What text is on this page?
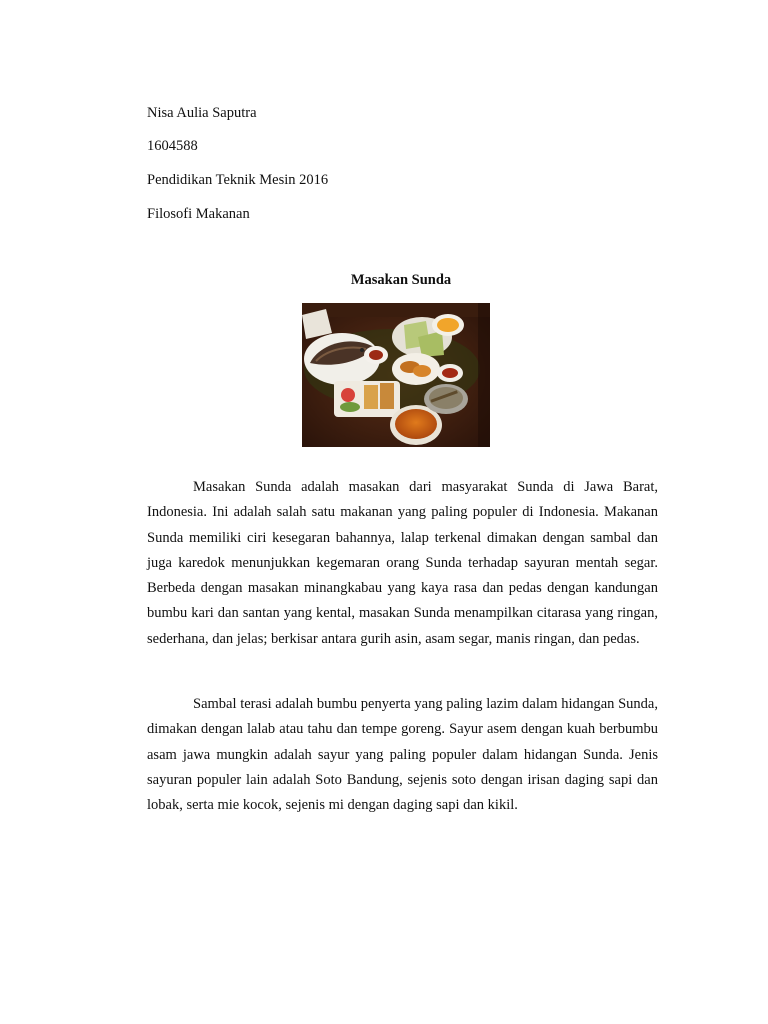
Nisa Aulia Saputra
1604588
Pendidikan Teknik Mesin 2016
Filosofi Makanan
Masakan Sunda

Masakan Sunda adalah masakan dari masyarakat Sunda di Jawa Barat, Indonesia. Ini adalah salah satu makanan yang paling populer di Indonesia. Makanan Sunda memiliki ciri kesegaran bahannya, lalap terkenal dimakan dengan sambal dan juga karedok menunjukkan kegemaran orang Sunda terhadap sayuran mentah segar. Berbeda dengan masakan minangkabau yang kaya rasa dan pedas dengan kandungan bumbu kari dan santan yang kental, masakan Sunda menampilkan citarasa yang ringan, sederhana, dan jelas; berkisar antara gurih asin, asam segar, manis ringan, dan pedas.

Sambal terasi adalah bumbu penyerta yang paling lazim dalam hidangan Sunda, dimakan dengan lalab atau tahu dan tempe goreng. Sayur asem dengan kuah berbumbu asam jawa mungkin adalah sayur yang paling populer dalam hidangan Sunda. Jenis sayuran populer lain adalah Soto Bandung, sejenis soto dengan irisan daging sapi dan lobak, serta mie kocok, sejenis mi dengan daging sapi dan kikil.
